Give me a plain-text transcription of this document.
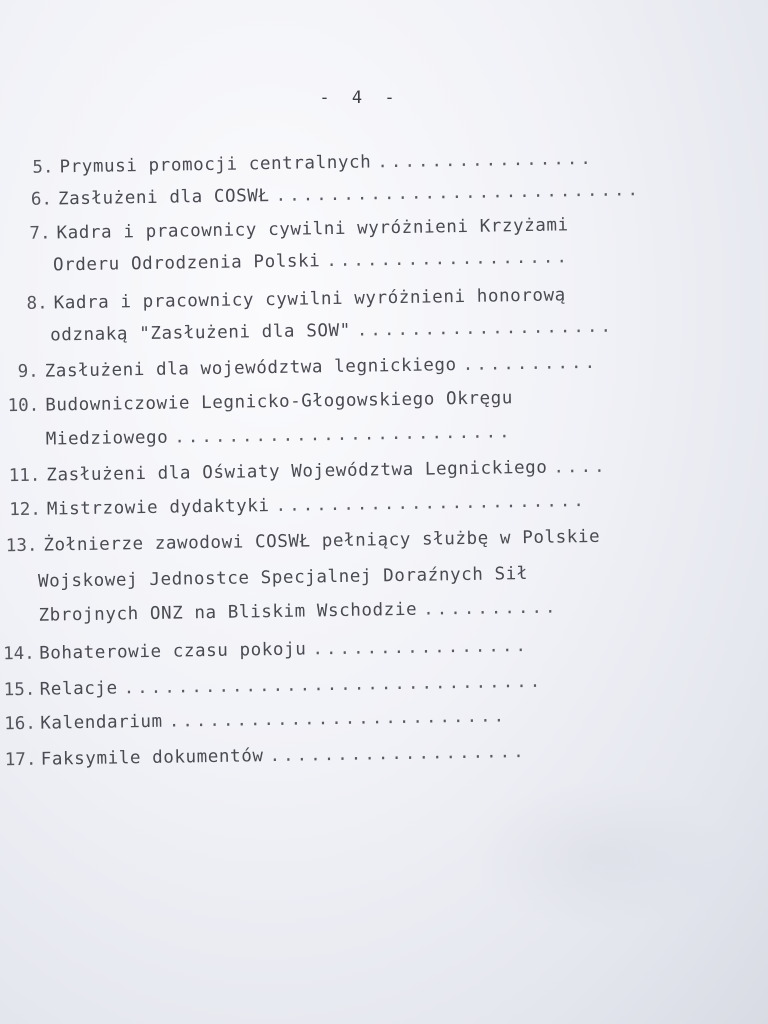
- 4 -
5. Prymusi promocji centralnych ................
6. Zasłużeni dla COSWŁ ...........................
7. Kadra i pracownicy cywilni wyróżnieni Krzyżami
Orderu Odrodzenia Polski ..................
8. Kadra i pracownicy cywilni wyróżnieni honorową
odznaką "Zasłużeni dla SOW" ...................
9. Zasłużeni dla województwa legnickiego ..........
10. Budowniczowie Legnicko-Głogowskiego Okręgu
Miedziowego .........................
11. Zasłużeni dla Oświaty Województwa Legnickiego ....
12. Mistrzowie dydaktyki .......................
13. Żołnierze zawodowi COSWŁ pełniący służbę w Polskie
Wojskowej Jednostce Specjalnej Doraźnych Sił
Zbrojnych ONZ na Bliskim Wschodzie ..........
14. Bohaterowie czasu pokoju ................
15. Relacje ...............................
16. Kalendarium .........................
17. Faksymile dokumentów ...................
